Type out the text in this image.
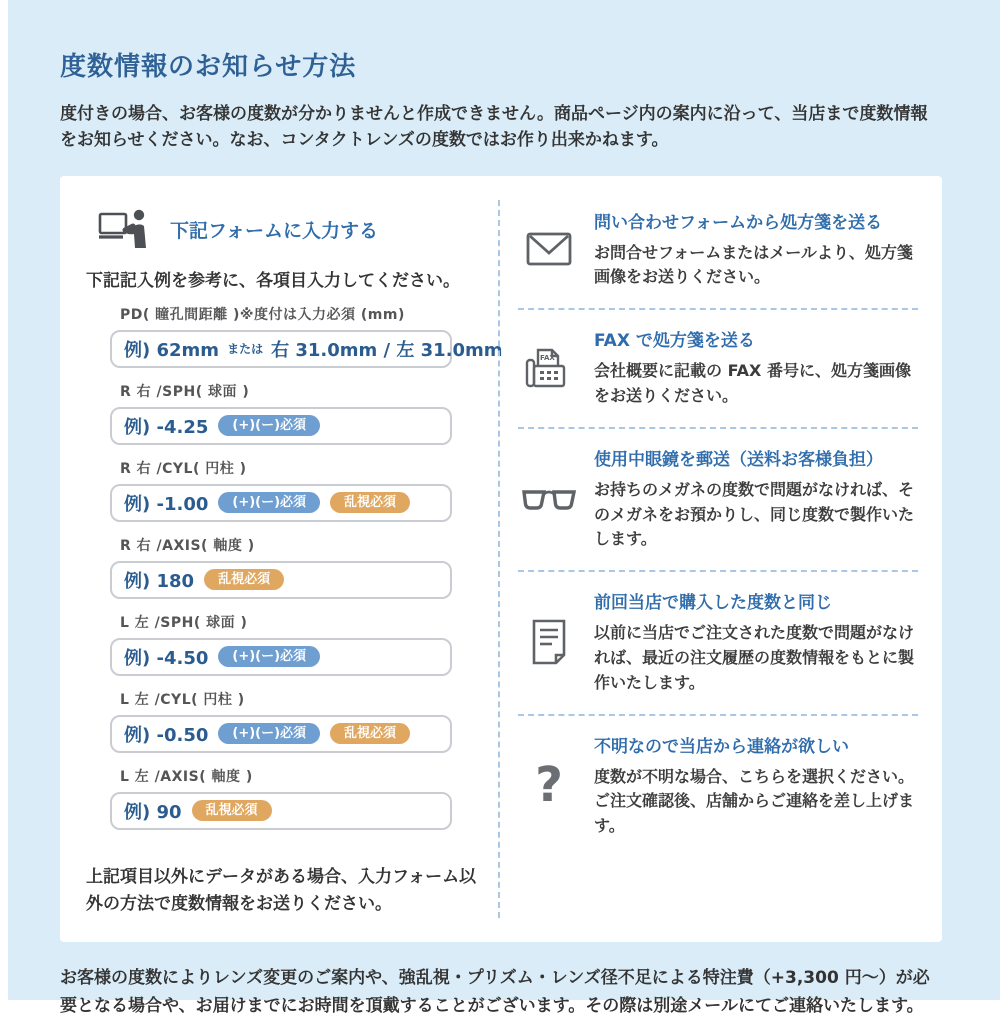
度数情報のお知らせ方法

度付きの場合、お客様の度数が分かりませんと作成できません。商品ページ内の案内に沿って、当店まで度数情報をお知らせください。なお、コンタクトレンズの度数ではお作り出来かねます。

下記フォームに入力する

下記記入例を参考に、各項目入力してください。

PD( 瞳孔間距離 )※度付は入力必須 (mm)
例) 62mm または 右 31.0mm / 左 31.0mm
R 右 /SPH( 球面 )
例) -4.25	(+)(ー)必須
R 右 /CYL( 円柱 )
例) -1.00	(+)(ー)必須	乱視必須
R 右 /AXIS( 軸度 )
例) 180	乱視必須
L 左 /SPH( 球面 )
例) -4.50	(+)(ー)必須
L 左 /CYL( 円柱 )
例) -0.50	(+)(ー)必須	乱視必須
L 左 /AXIS( 軸度 )
例) 90	乱視必須

上記項目以外にデータがある場合、入力フォーム以外の方法で度数情報をお送りください。

問い合わせフォームから処方箋を送る

お問合せフォームまたはメールより、処方箋画像をお送りください。

FAX

FAX で処方箋を送る

会社概要に記載の FAX 番号に、処方箋画像をお送りください。

使用中眼鏡を郵送（送料お客様負担）

お持ちのメガネの度数で問題がなければ、そのメガネをお預かりし、同じ度数で製作いたします。

前回当店で購入した度数と同じ

以前に当店でご注文された度数で問題がなければ、最近の注文履歴の度数情報をもとに製作いたします。

?

不明なので当店から連絡が欲しい

度数が不明な場合、こちらを選択ください。ご注文確認後、店舗からご連絡を差し上げます。

お客様の度数によりレンズ変更のご案内や、強乱視・プリズム・レンズ径不足による特注費（+3,300 円〜）が必要となる場合や、お届けまでにお時間を頂戴することがございます。その際は別途メールにてご連絡いたします。
